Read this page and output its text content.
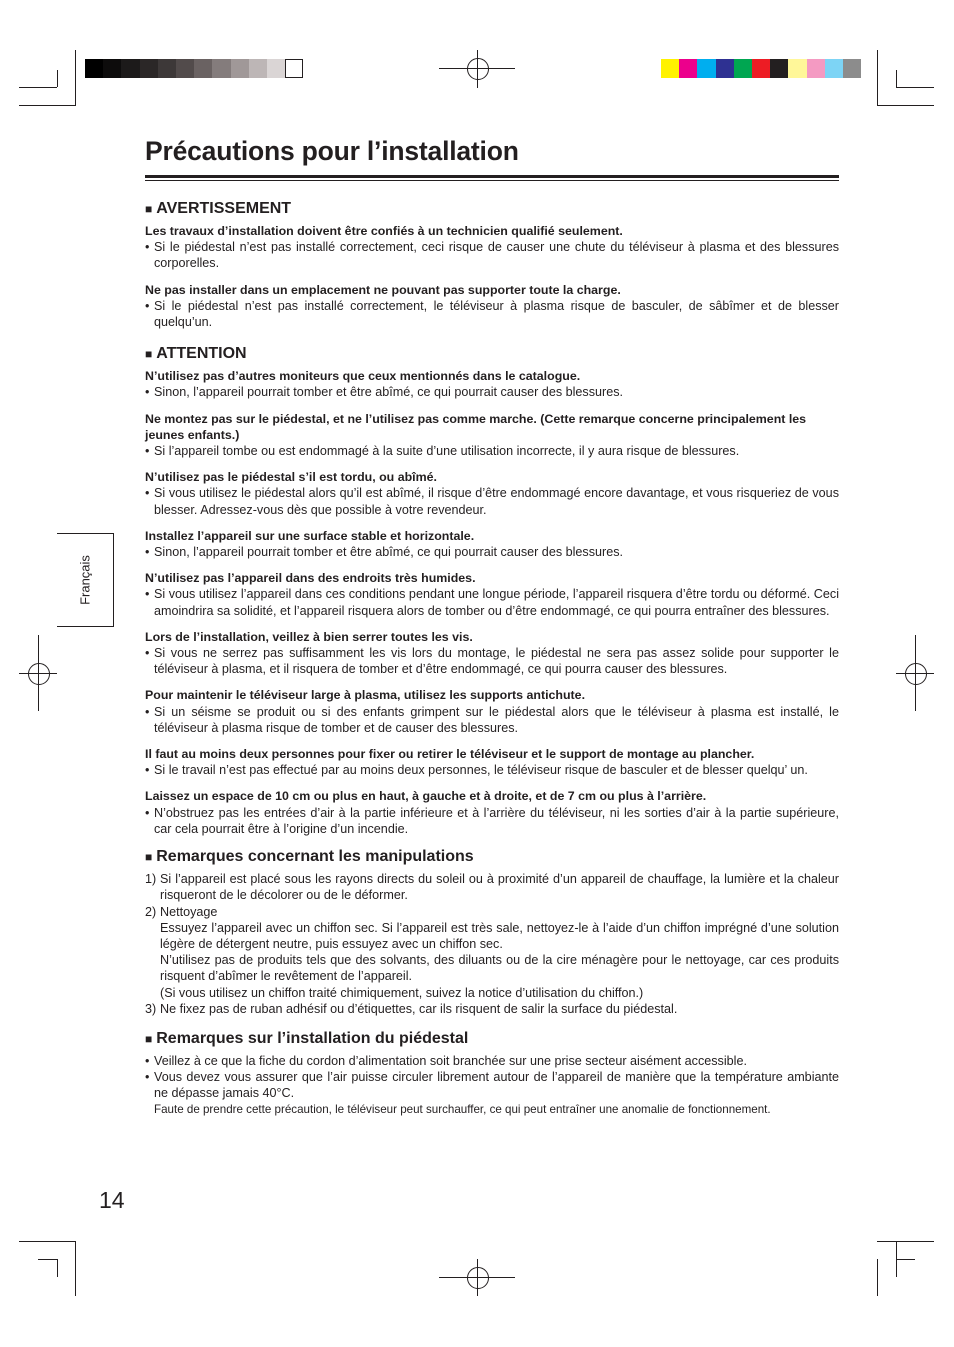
Précautions pour l’installation
Français
■ AVERTISSEMENT
Les travaux d’installation doivent être confiés à un technicien qualifié seulement.
• Si le piédestal n’est pas installé correctement, ceci risque de causer une chute du téléviseur à plasma et des blessures corporelles.
Ne pas installer dans un emplacement ne pouvant pas supporter toute la charge.
• Si le piédestal n’est pas installé correctement, le téléviseur à plasma risque de basculer, de sâbîmer et de blesser quelqu’un.
■ ATTENTION
N’utilisez pas d’autres moniteurs que ceux mentionnés dans le catalogue.
• Sinon, l’appareil pourrait tomber et être abîmé, ce qui pourrait causer des blessures.
Ne montez pas sur le piédestal, et ne l’utilisez pas comme marche. (Cette remarque concerne principalement les jeunes enfants.)
• Si l’appareil tombe ou est endommagé à la suite d’une utilisation incorrecte, il y aura risque de blessures.
N’utilisez pas le piédestal s’il est tordu, ou abîmé.
• Si vous utilisez le piédestal alors qu’il est abîmé, il risque d’être endommagé encore davantage, et vous risqueriez de vous blesser. Adressez-vous dès que possible à votre revendeur.
Installez l’appareil sur une surface stable et horizontale.
• Sinon, l’appareil pourrait tomber et être abîmé, ce qui pourrait causer des blessures.
N’utilisez pas l’appareil dans des endroits très humides.
• Si vous utilisez l’appareil dans ces conditions pendant une longue période, l’appareil risquera d’être tordu ou déformé. Ceci amoindrira sa solidité, et l’appareil risquera alors de tomber ou d’être endommagé, ce qui pourra entraîner des blessures.
Lors de l’installation, veillez à bien serrer toutes les vis.
• Si vous ne serrez pas suffisamment les vis lors du montage, le piédestal ne sera pas assez solide pour supporter le téléviseur à plasma, et il risquera de tomber et d’être endommagé, ce qui pourra causer des blessures.
Pour maintenir le téléviseur large à plasma, utilisez les supports antichute.
• Si un séisme se produit ou si des enfants grimpent sur le piédestal alors que le téléviseur à plasma est installé, le téléviseur à plasma risque de tomber et de causer des blessures.
Il faut au moins deux personnes pour fixer ou retirer le téléviseur et le support de montage au plancher.
• Si le travail n’est pas effectué par au moins deux personnes, le téléviseur risque de basculer et de blesser quelqu’ un.
Laissez un espace de 10 cm ou plus en haut, à gauche et à droite, et de 7 cm ou plus à l’arrière.
• N’obstruez pas les entrées d’air à la partie inférieure et à l’arrière du téléviseur, ni les sorties d’air à la partie supérieure, car cela pourrait être à l’origine d’un incendie.
■ Remarques concernant les manipulations
1) Si l’appareil est placé sous les rayons directs du soleil ou à proximité d’un appareil de chauffage, la lumière et la chaleur risqueront de le décolorer ou de le déformer.
2) Nettoyage
Essuyez l’appareil avec un chiffon sec. Si l’appareil est très sale, nettoyez-le à l’aide d’un chiffon imprégné d’une solution légère de détergent neutre, puis essuyez avec un chiffon sec.
N’utilisez pas de produits tels que des solvants, des diluants ou de la cire ménagère pour le nettoyage, car ces produits risquent d’abîmer le revêtement de l’appareil.
(Si vous utilisez un chiffon traité chimiquement, suivez la notice d’utilisation du chiffon.)
3) Ne fixez pas de ruban adhésif ou d’étiquettes, car ils risquent de salir la surface du piédestal.
■ Remarques sur l’installation du piédestal
• Veillez à ce que la fiche du cordon d’alimentation soit branchée sur une prise secteur aisément accessible.
• Vous devez vous assurer que l’air puisse circuler librement autour de l’appareil de manière que la température ambiante ne dépasse jamais 40°C.
Faute de prendre cette précaution, le téléviseur peut surchauffer, ce qui peut entraîner une anomalie de fonctionnement.
14
